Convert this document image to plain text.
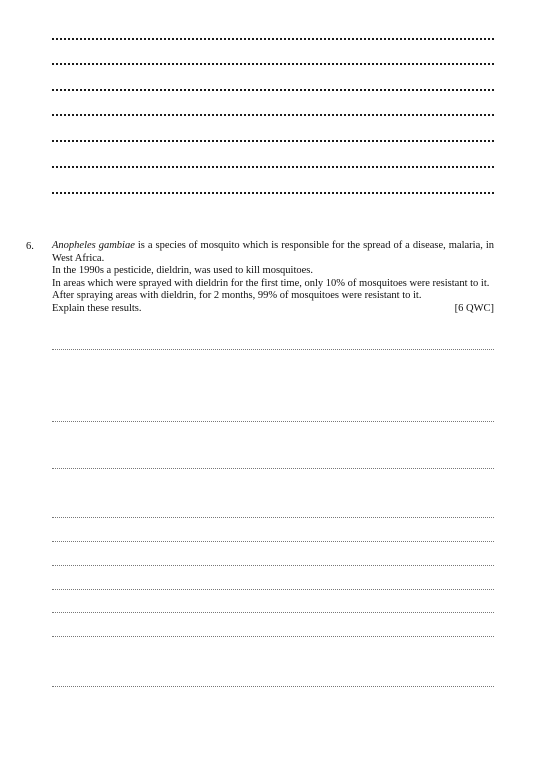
6. Anopheles gambiae is a species of mosquito which is responsible for the spread of a disease, malaria, in West Africa.

In the 1990s a pesticide, dieldrin, was used to kill mosquitoes.

In areas which were sprayed with dieldrin for the first time, only 10% of mosquitoes were resistant to it.

After spraying areas with dieldrin, for 2 months, 99% of mosquitoes were resistant to it.

Explain these results.	[6 QWC]
